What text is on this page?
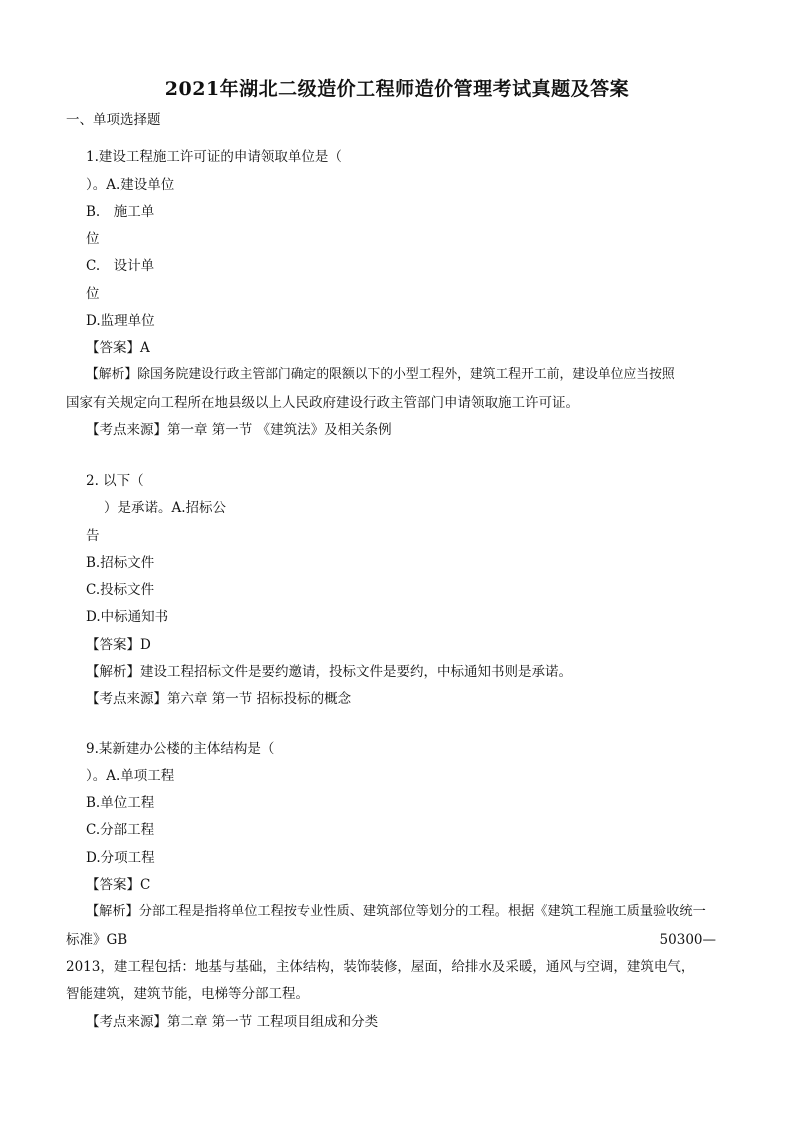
2021年湖北二级造价工程师造价管理考试真题及答案
一、单项选择题
1.建设工程施工许可证的申请领取单位是（
）。A.建设单位
B.　施工单
位
C.　设计单
位
D.监理单位
【答案】A
【解析】除国务院建设行政主管部门确定的限额以下的小型工程外，建筑工程开工前，建设单位应当按照
国家有关规定向工程所在地县级以上人民政府建设行政主管部门申请领取施工许可证。
【考点来源】第一章 第一节 《建筑法》及相关条例
2. 以下（
）是承诺。A.招标公
告
B.招标文件
C.投标文件
D.中标通知书
【答案】D
【解析】建设工程招标文件是要约邀请，投标文件是要约，中标通知书则是承诺。
【考点来源】第六章 第一节 招标投标的概念
9.某新建办公楼的主体结构是（
）。A.单项工程
B.单位工程
C.分部工程
D.分项工程
【答案】C
【解析】分部工程是指将单位工程按专业性质、建筑部位等划分的工程。根据《建筑工程施工质量验收统一
标准》GB	50300—
2013，建工程包括：地基与基础，主体结构，装饰装修，屋面，给排水及采暖，通风与空调，建筑电气，
智能建筑，建筑节能，电梯等分部工程。
【考点来源】第二章 第一节 工程项目组成和分类
